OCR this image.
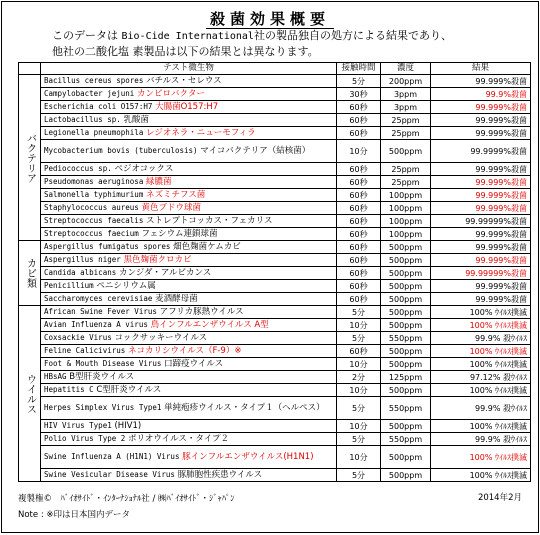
殺菌効果概要
このデータは Bio-Cide International社の製品独自の処方による結果であり、
他社の二酸化塩 素製品は以下の結果とは異なります。
	テスト微生物	接触時間	濃度	結果

バクテリア	Bacillus cereus spores バチルス・セレウス	5分	200ppm	99.999%殺菌
	Campylobacter jejuni カンピロバクター	30秒	3ppm	99.9%殺菌
	Escherichia coli O157:H7 大腸菌O157:H7	60秒	3ppm	99.999%殺菌
	Lactobacillus sp. 乳酸菌	60秒	25ppm	99.999%殺菌
	Legionella pneumophila レジオネラ・ニューモフィラ	60秒	25ppm	99.999%殺菌
	Mycobacterium bovis (tuberculosis) マイコバクテリア（結核菌）	10分	500ppm	99.9999%殺菌
	Pediococcus sp. ペジオコックス	60秒	25ppm	99.999%殺菌
	Pseudomonas aeruginosa 緑膿菌	60秒	25ppm	99.999%殺菌
	Salmonella typhimurium ネズミチフス菌	60秒	100ppm	99.999%殺菌
	Staphylococcus aureus 黄色ブドウ球菌	60秒	100ppm	99.999%殺菌
	Streptococcus faecalis ストレプトコッカス・フェカリス	60秒	100ppm	99.99999%殺菌
	Streptococcus faecium フェシウム連鎖球菌	60秒	100ppm	99.999%殺菌

カビ類	Aspergillus fumigatus spores 畑色麹菌ケムカビ	60秒	500ppm	99.999%殺菌
	Aspergillus niger 黒色麹菌クロカビ	60秒	500ppm	99.999%殺菌
	Candida albicans カンジダ・アルビカンス	60秒	500ppm	99.99999%殺菌
	Penicillium ペニシリウム属	60秒	500ppm	99.999%殺菌
	Saccharomyces cerevisiae 麦酒酵母菌	60秒	500ppm	99.999%殺菌

ウイルス	African Swine Fever Virus アフリカ豚熱ウイルス	5分	500ppm	100% ｳｲﾙｽ撲滅
	Avian Influenza A virus 鳥インフルエンザウイルス A型	10分	500ppm	100% ｳｲﾙｽ撲滅
	Coxsackie Virus コックサッキーウイルス	5分	550ppm	99.9% 殺ｳｲﾙｽ
	Feline Calicivirus ネコカリシウイルス（F-9）※	60秒	500ppm	100% ｳｲﾙｽ撲滅
	Foot & Mouth Disease Virus 口蹄疫ウイルス	10分	500ppm	100% ｳｲﾙｽ撲滅
	HBsAG B型肝炎ウイルス	2分	125ppm	97.12% 殺ｳｲﾙｽ
	Hepatitis C C型肝炎ウイルス	10分	500ppm	100% ｳｲﾙｽ撲滅
	Herpes Simplex Virus Type1 単純疱疹ウイルス・タイプ１（ヘルペス）	5分	550ppm	99.9% 殺ｳｲﾙｽ
	HIV Virus Type1 (HIV1)	10分	500ppm	100% ｳｲﾙｽ撲滅
	Polio Virus Type 2 ポリオウイルス・タイプ２	5分	550ppm	99.9% 殺ｳｲﾙｽ
	Swine Influenza A (H1N1) Virus 豚インフルエンザウイルス(H1N1)	10分	500ppm	100% ｳｲﾙｽ撲滅
	Swine Vesicular Disease Virus 豚肺胞性疾患ウイルス	5分	500ppm	100% ｳｲﾙｽ撲滅
複製権©　ﾊﾞｲｵｻｲﾄﾞ・ｲﾝﾀｰﾅｼｮﾅﾙ社 / ㈱ﾊﾞｲｵｻｲﾄﾞ・ｼﾞｬﾊﾟﾝ
Note : ※印は日本国内データ
2014年2月
